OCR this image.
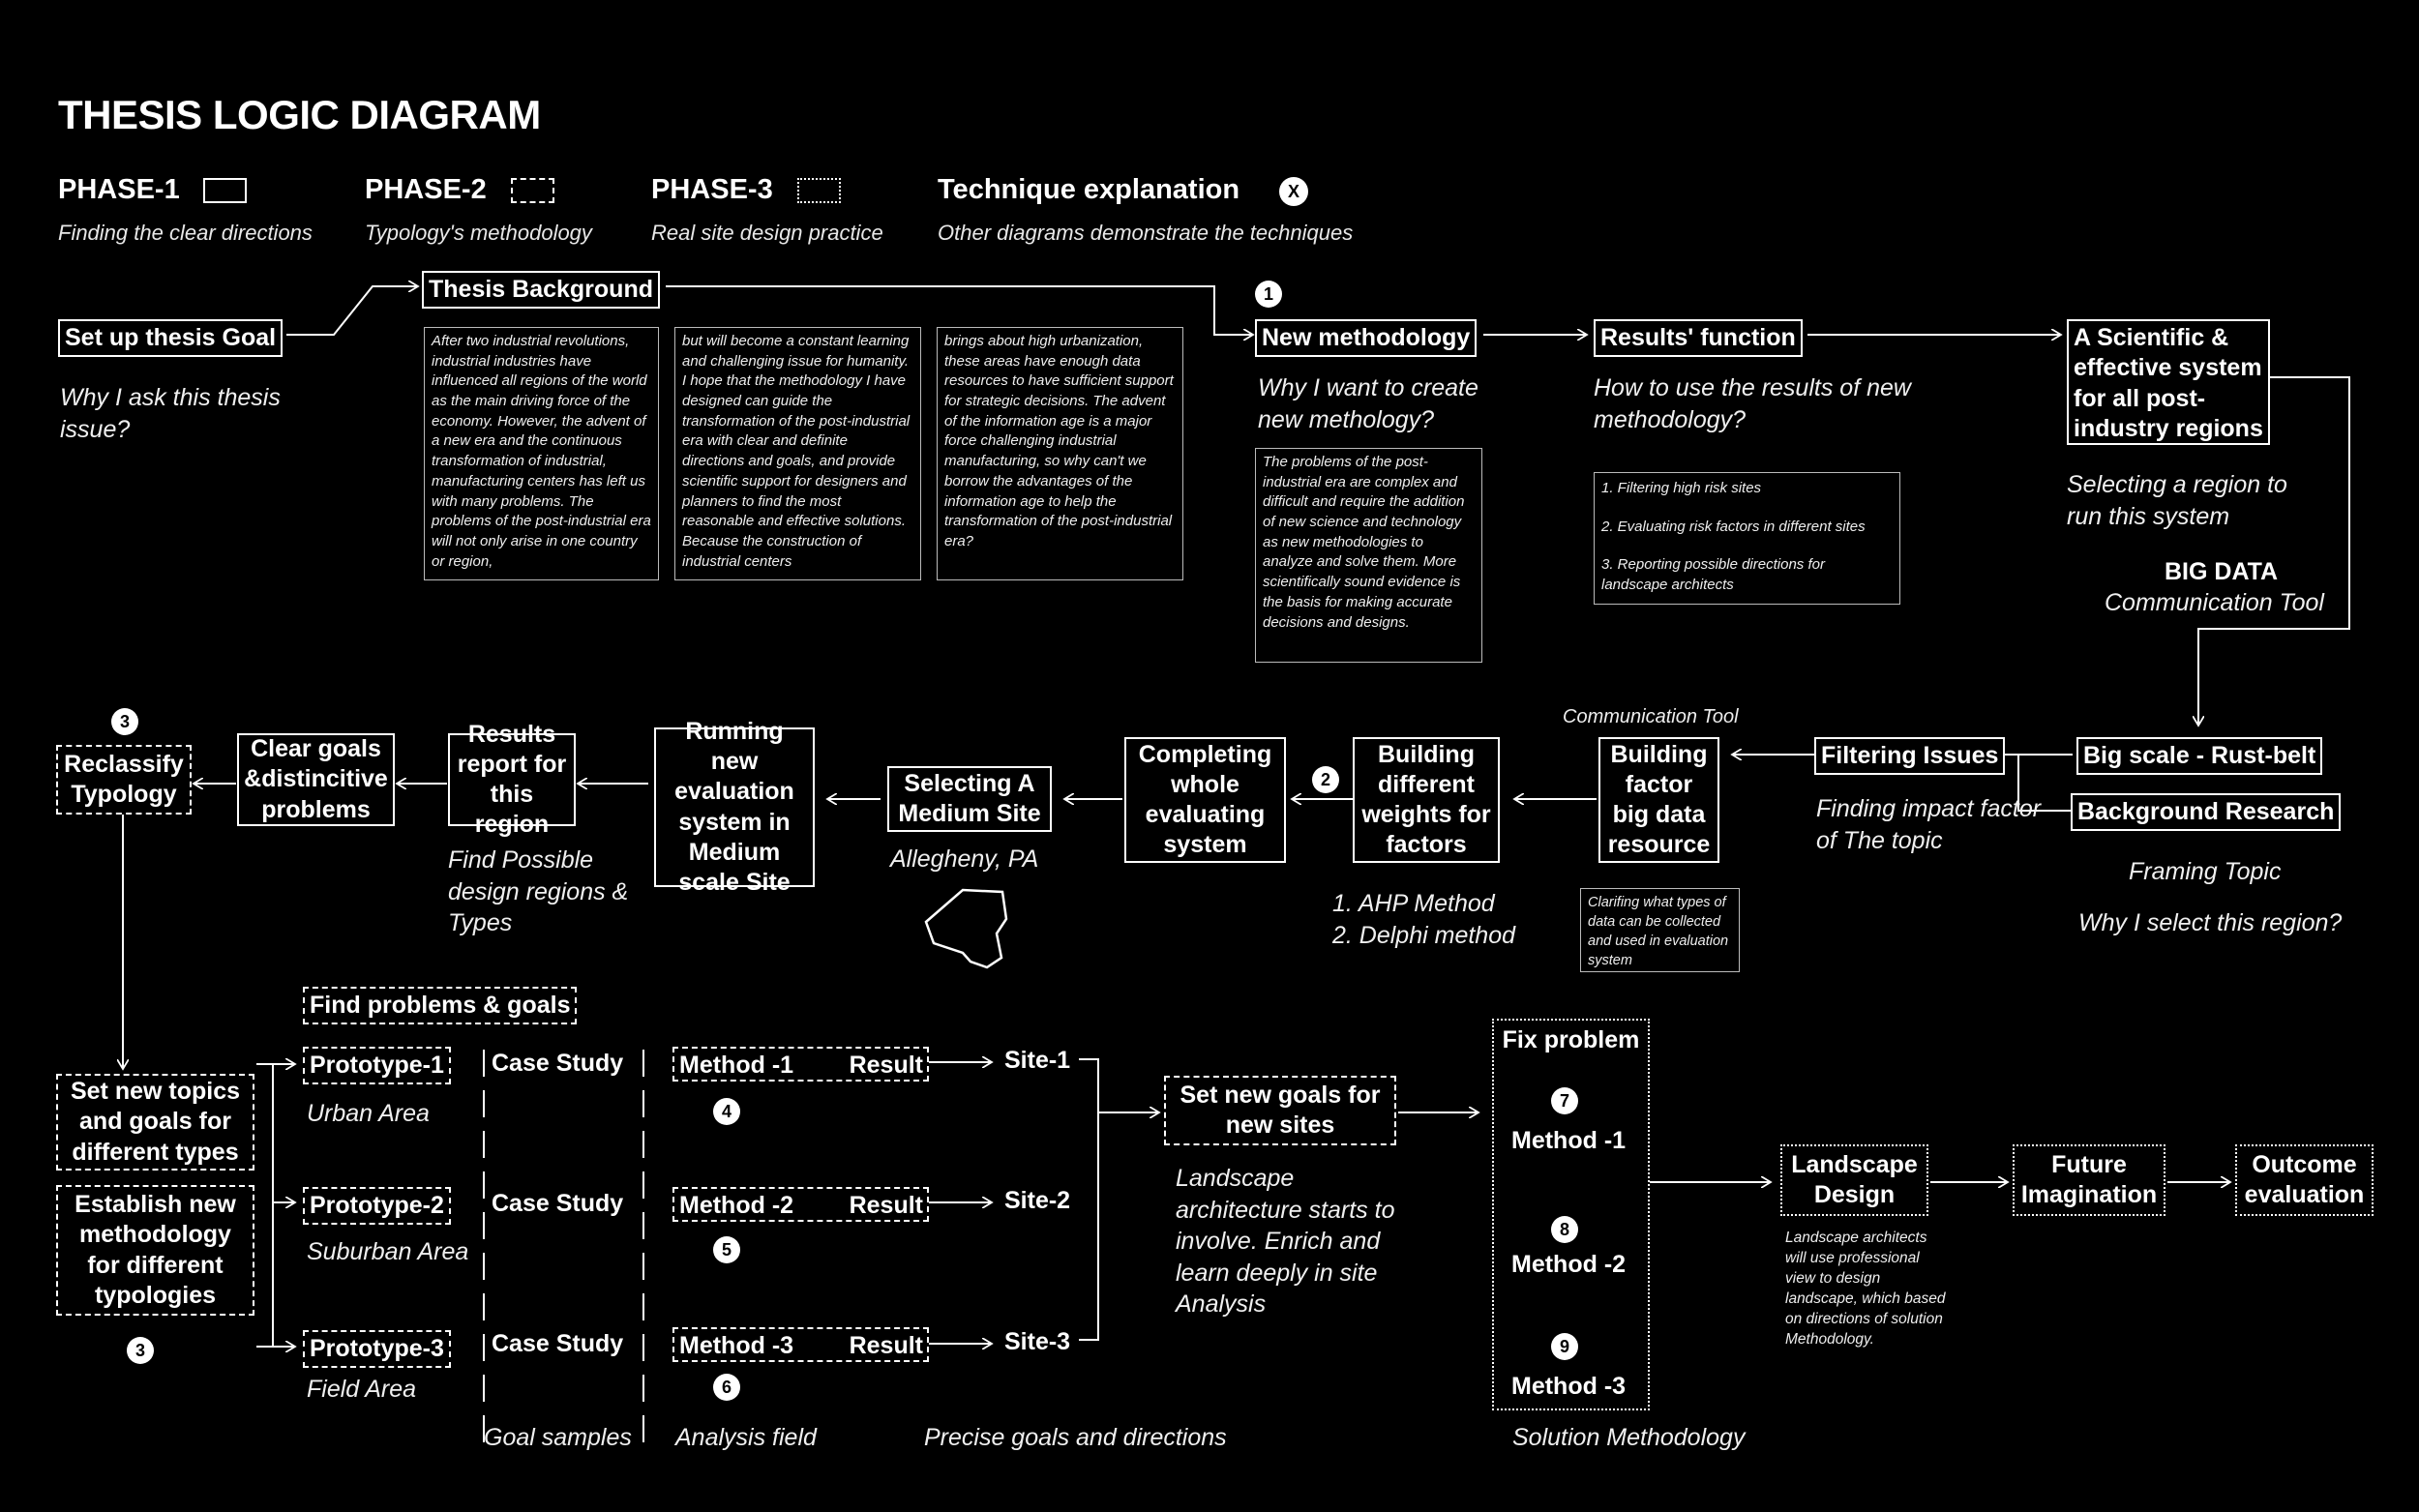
THESIS LOGIC DIAGRAM
PHASE-1
Finding the clear directions
PHASE-2
Typology's methodology
PHASE-3
Real site design practice
Technique explanation	X
Other diagrams demonstrate the techniques
Set up thesis Goal
Why I ask this thesis issue?
Thesis Background
After two industrial revolutions, industrial industries have influenced all regions of the world as the main driving force of the economy. However, the advent of a new era and the continuous transformation of industrial, manufacturing centers has left us with many problems. The problems of the post-industrial era will not only arise in one country or region,
but will become a constant learning and challenging issue for humanity. I hope that the methodology I have designed can guide the transformation of the post-industrial era with clear and definite directions and goals, and provide scientific support for designers and planners to find the most reasonable and effective solutions. Because the construction of industrial centers
brings about high urbanization, these areas have enough data resources to have sufficient support for strategic decisions. The advent of the information age is a major force challenging industrial manufacturing, so why can't we borrow the advantages of the information age to help the transformation of the post-industrial era?
1
New methodology
Why I want to create new methology?
The problems of the post-industrial era are complex and difficult and require the addition of new science and technology as new methodologies to analyze and solve them. More scientifically sound evidence is the basis for making accurate decisions and designs.
Results' function
How to use the results of new methodology?
1. Filtering high risk sites
2. Evaluating risk factors in different sites
3. Reporting possible directions for landscape architects
A Scientific & effective system for all post-industry regions
Selecting a region to run this system
BIG DATA
Communication Tool
Big scale - Rust-belt
Background Research
Framing Topic
Why I select this region?
Filtering Issues
Finding impact factor of The topic
Communication Tool
Building factor big data resource
Clarifing what types of data can be collected and used in evaluation system
Building different weights for factors
1. AHP Method
2. Delphi method
2
Completing whole evaluating system
Selecting A Medium Site
Allegheny, PA
Running new evaluation system in Medium scale Site
Results report for this region
Find Possible design regions & Types
Clear goals &distincitive problems
3
Reclassify Typology
Set new topics and goals for different types
Establish new methodology for different typologies
3
Find problems & goals
Prototype-1
Urban Area
Case Study Method -1 Result
4
Site-1
Prototype-2
Suburban Area
Case Study Method -2 Result
5
Site-2
Prototype-3
Field Area
Case Study Method -3 Result
6
Site-3
Goal samples Analysis field	Precise goals and directions
Set new goals for new sites
Landscape architecture starts to involve. Enrich and learn deeply in site Analysis
Fix problem
7
Method -1
8
Method -2
9
Method -3
Solution Methodology
Landscape Design
Landscape architects will use professional view to design landscape, which based on directions of solution Methodology.
Future Imagination
Outcome evaluation
